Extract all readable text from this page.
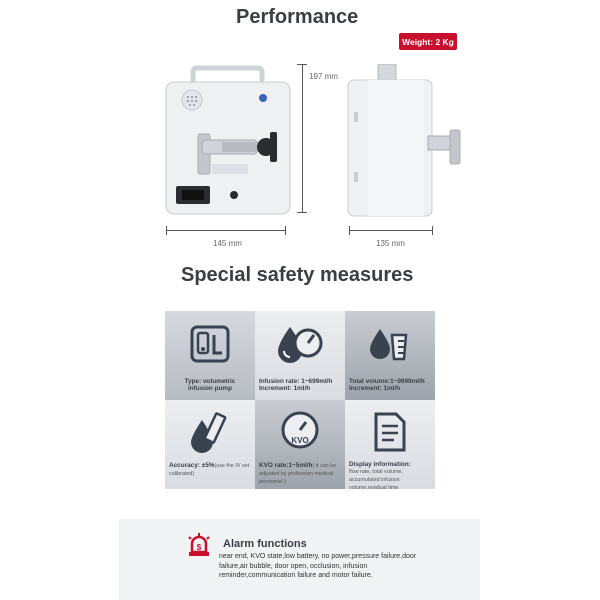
Performance
Weight: 2 Kg
197 mm
145 mm	135 mm
Special safety measures
Type: volumetric
infusion pump
Infusion rate: 1~699ml/h
Increment: 1ml/h
Total volume:1~9999ml/h
Increment: 1ml/h
Accuracy: ±5%(use the IV set calibrated)
KVO
KVO rate:1~5ml/h( it can be adjusted by profession medical personnel )
Display information:
flow rate, total volume, accumulated infusion volume,residual time
$ Alarm functions
near end, KVO state,low battery, no power,pressure failure,door failure,air bubble, door open, occlusion, infusion reminder,communication failure and motor failure.
